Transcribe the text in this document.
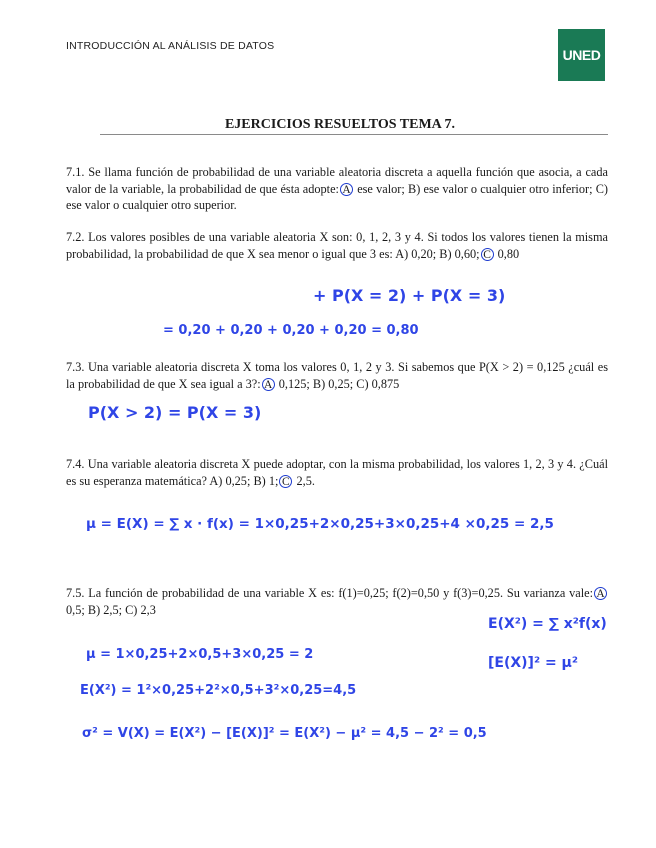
INTRODUCCIÓN AL ANÁLISIS DE DATOS
UNED
EJERCICIOS RESUELTOS TEMA 7.
7.1. Se llama función de probabilidad de una variable aleatoria discreta a aquella función que asocia, a cada valor de la variable, la probabilidad de que ésta adopte: A ese valor; B) ese valor o cualquier otro inferior; C) ese valor o cualquier otro superior.
7.2. Los valores posibles de una variable aleatoria X son: 0, 1, 2, 3 y 4. Si todos los valores tienen la misma probabilidad, la probabilidad de que X sea menor o igual que 3 es: A) 0,20; B) 0,60; C 0,80
+ P(X = 2) + P(X = 3)
= 0,20 + 0,20 + 0,20 + 0,20 = 0,80
7.3. Una variable aleatoria discreta X toma los valores 0, 1, 2 y 3. Si sabemos que P(X > 2) = 0,125 ¿cuál es la probabilidad de que X sea igual a 3?: A 0,125; B) 0,25; C) 0,875
P(X > 2) = P(X = 3)
7.4. Una variable aleatoria discreta X puede adoptar, con la misma probabilidad, los valores 1, 2, 3 y 4. ¿Cuál es su esperanza matemática? A) 0,25; B) 1; C 2,5.
μ = E(X) = ∑ x · f(x) = 1×0,25+2×0,25+3×0,25+4 ×0,25 = 2,5
7.5. La función de probabilidad de una variable X es: f(1)=0,25; f(2)=0,50 y f(3)=0,25. Su varianza vale: A 0,5; B) 2,5; C) 2,3
E(X²) = ∑ x²f(x)
μ = 1×0,25+2×0,5+3×0,25 = 2
[E(X)]² = μ²
E(X²) = 1²×0,25+2²×0,5+3²×0,25=4,5
σ² = V(X) = E(X²) − [E(X)]² = E(X²) − μ² = 4,5 − 2² = 0,5
